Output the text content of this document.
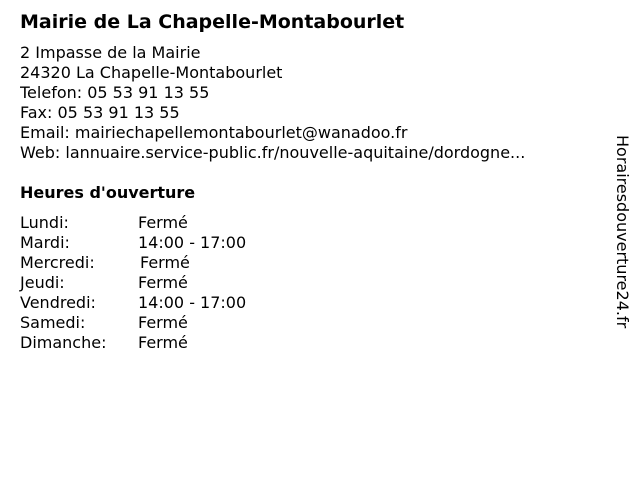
Mairie de La Chapelle-Montabourlet
2 Impasse de la Mairie
24320 La Chapelle-Montabourlet
Telefon: 05 53 91 13 55
Fax: 05 53 91 13 55
Email: mairiechapellemontabourlet@wanadoo.fr
Web: lannuaire.service-public.fr/nouvelle-aquitaine/dordogne...
Heures d'ouverture
Lundi:	Fermé
Mardi:	14:00 - 17:00
Mercredi:	Fermé
Jeudi:	Fermé
Vendredi:	14:00 - 17:00
Samedi:	Fermé
Dimanche: Fermé
Horairesdouverture24.fr
